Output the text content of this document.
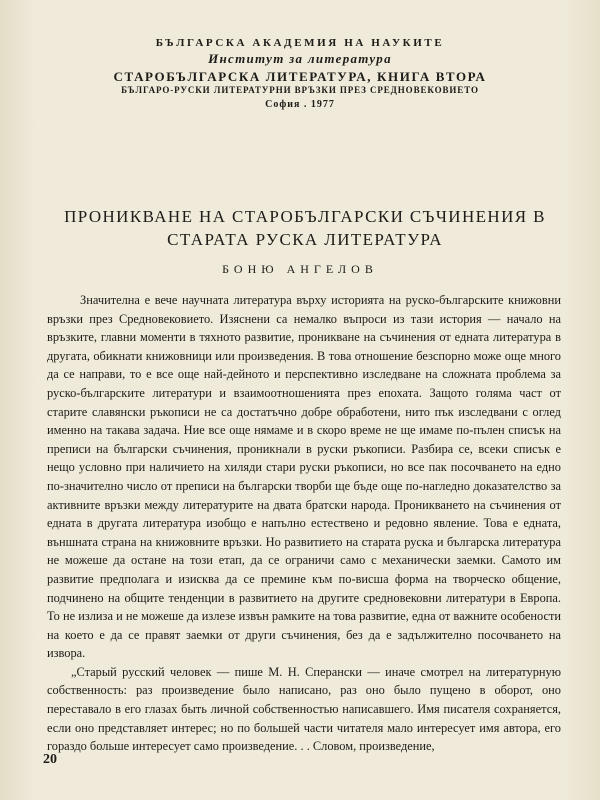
БЪЛГАРСКА АКАДЕМИЯ НА НАУКИТЕ

Институт за литература

СТАРОБЪЛГАРСКА ЛИТЕРАТУРА, КНИГА ВТОРА

БЪЛГАРО-РУСКИ ЛИТЕРАТУРНИ ВРЪЗКИ ПРЕЗ СРЕДНОВЕКОВИЕТО

София . 1977

ПРОНИКВАНЕ НА СТАРОБЪЛГАРСКИ СЪЧИНЕНИЯ В СТАРАТА РУСКА ЛИТЕРАТУРА

БОНЮ АНГЕЛОВ

Значителна е вече научната литература върху историята на руско-българските книжовни връзки през Средновековието. Изяснени са немалко въпроси из тази история — начало на връзките, главни моменти в тяхното развитие, проникване на съчинения от едната литература в другата, обикнати книжовници или произведения. В това отношение безспорно може още много да се направи, то е все още най-дейното и перспективно изследване на сложната проблема за руско-българските литератури и взаимоотношенията през епохата. Защото голяма част от старите славянски ръкописи не са достатъчно добре обработени, нито пък изследвани с оглед именно на такава задача. Ние все още нямаме и в скоро време не ще имаме по-пълен списък на преписи на български съчинения, проникнали в руски ръкописи. Разбира се, всеки списък е нещо условно при наличието на хиляди стари руски ръкописи, но все пак посочването на едно по-значително число от преписи на български творби ще бъде още по-нагледно доказателство за активните връзки между литературите на двата братски народа. Проникването на съчинения от едната в другата литература изобщо е напълно естествено и редовно явление. Това е едната, външната страна на книжовните връзки. Но развитието на старата руска и българска литература не можеше да остане на този етап, да се ограничи само с механически заемки. Самото им развитие предполага и изисква да се премине към по-висша форма на творческо общение, подчинено на общите тенденции в развитието на другите средновековни литератури в Европа. То не излиза и не можеше да излезе извън рамките на това развитие, една от важните особености на което е да се правят заемки от други съчинения, без да е задължително посочването на извора.

„Старый русский человек — пише М. Н. Сперански — иначе смотрел на литературную собственность: раз произведение было написано, раз оно было пущено в оборот, оно переставало в его глазах быть личной собственностью написавшего. Имя писателя сохраняется, если оно представляет интерес; но по большей части читателя мало интересует имя автора, его гораздо больше интересует само произведение. . . Словом, произведение,

20
